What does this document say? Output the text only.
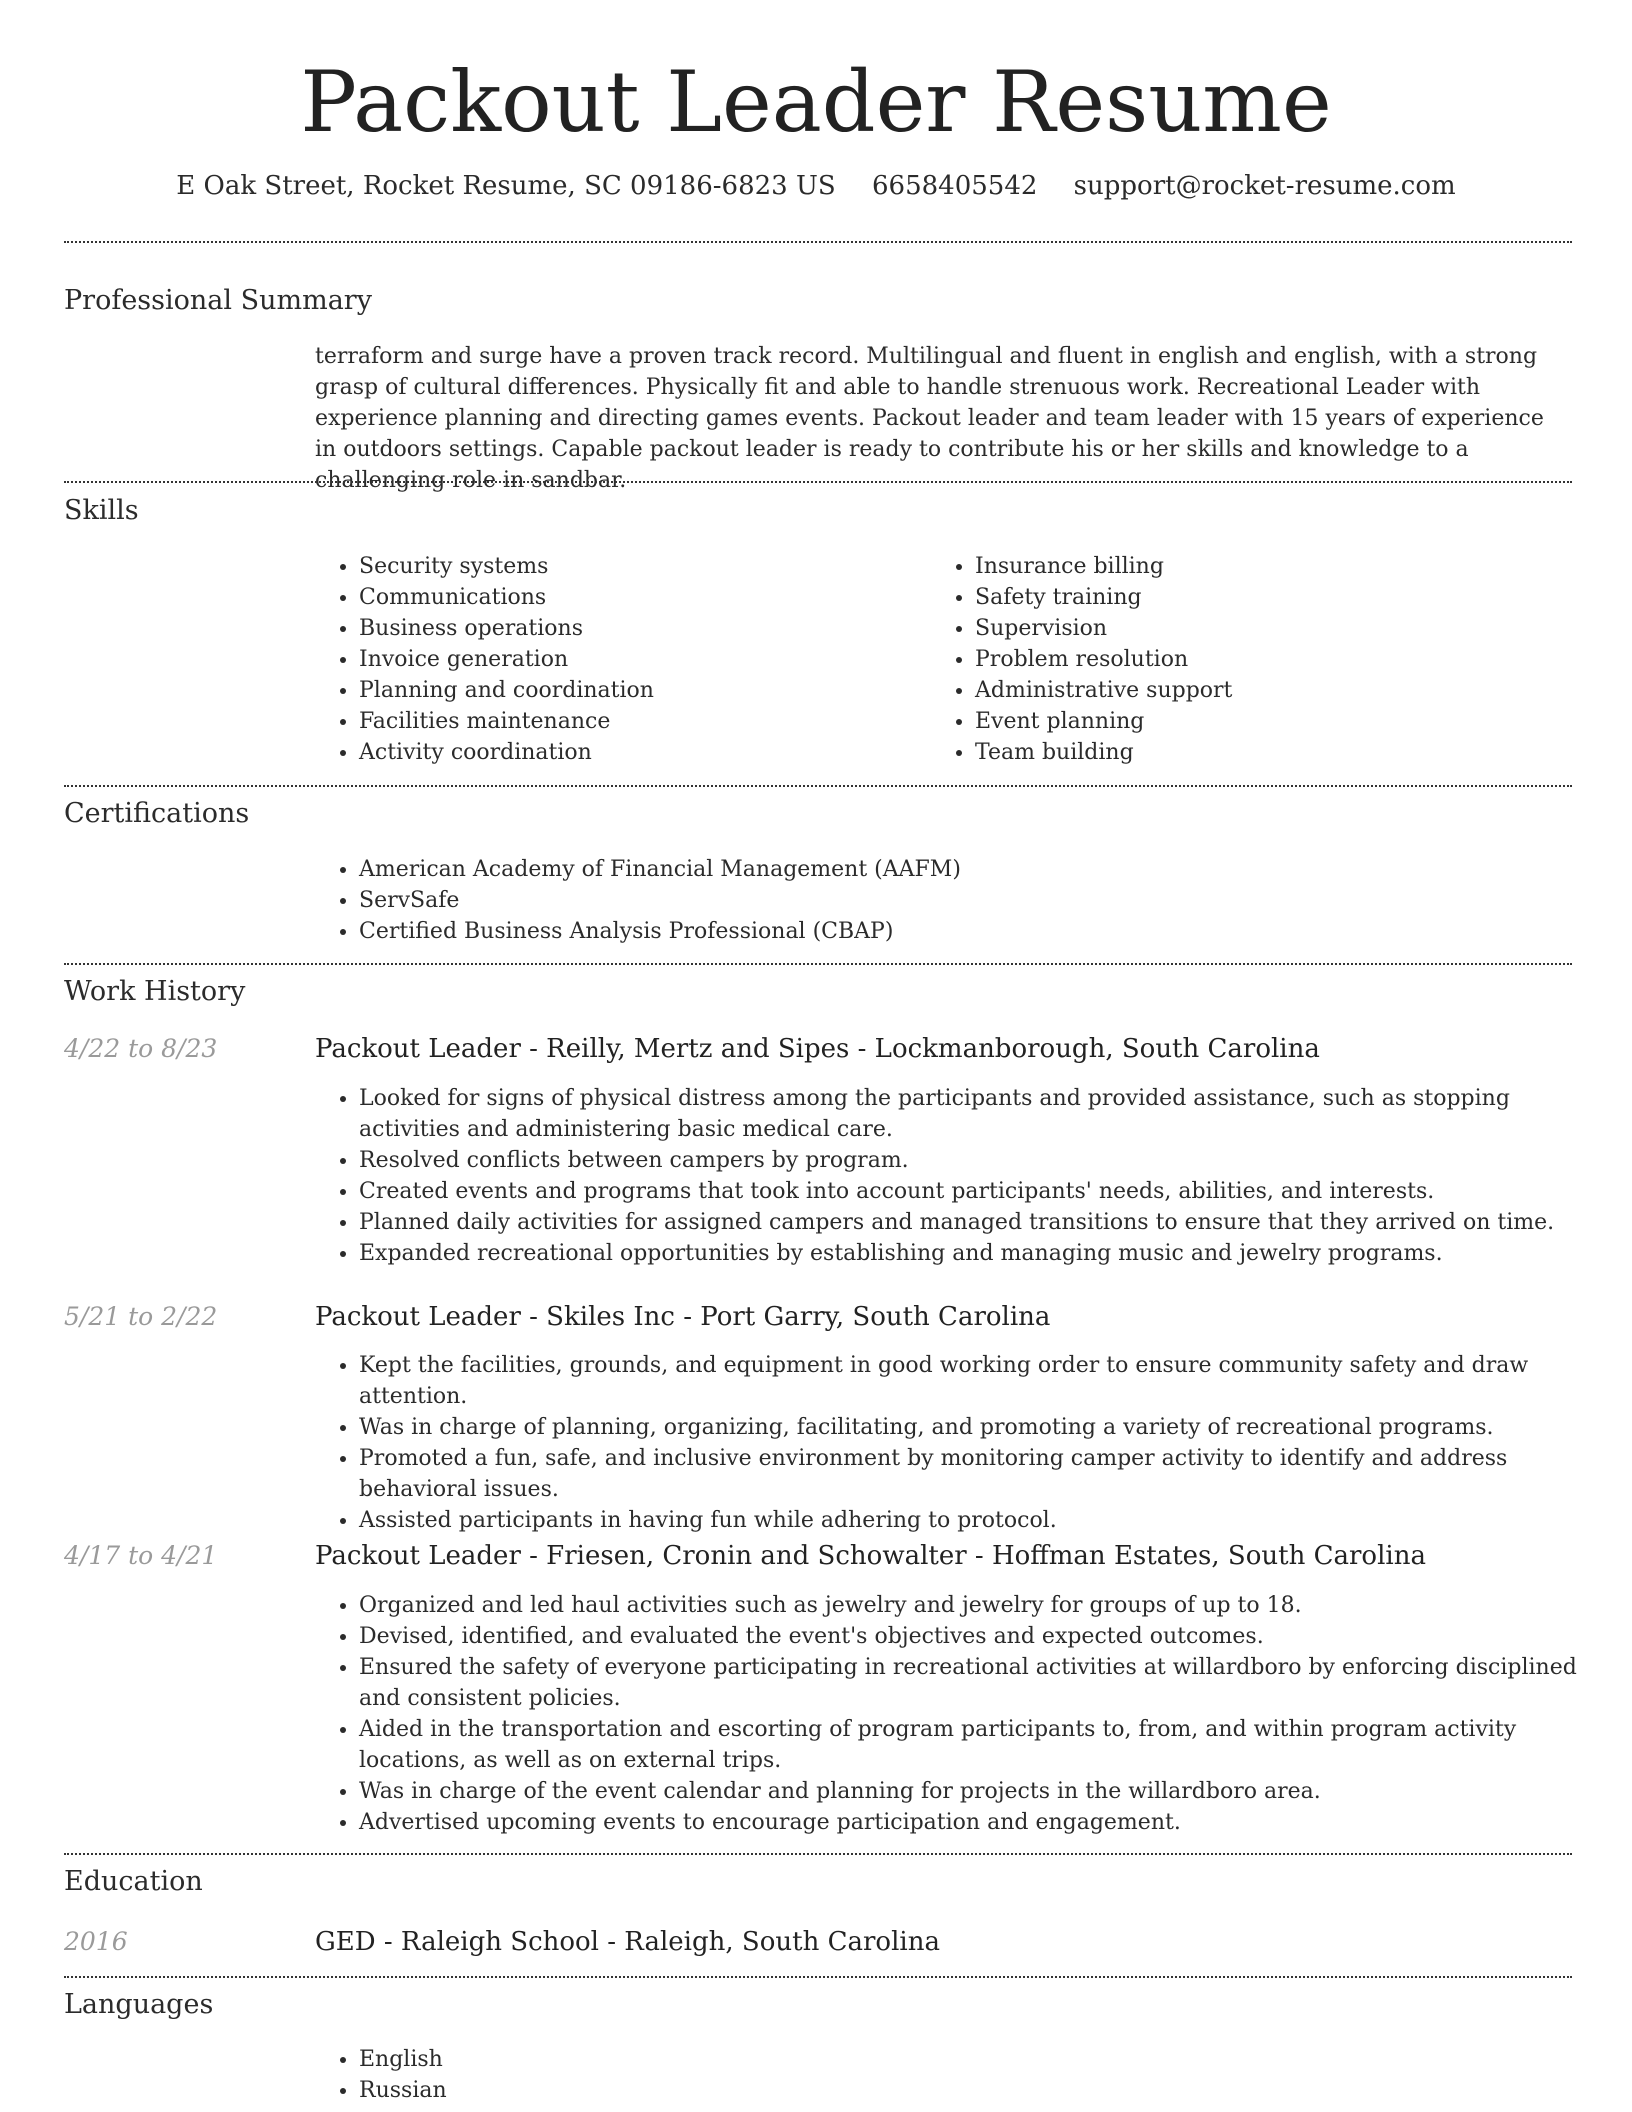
Packout Leader Resume
E Oak Street, Rocket Resume, SC 09186-6823 US 6658405542 support@rocket-resume.com
Professional Summary

terraform and surge have a proven track record. Multilingual and fluent in english and english, with a strong grasp of cultural differences. Physically fit and able to handle strenuous work. Recreational Leader with experience planning and directing games events. Packout leader and team leader with 15 years of experience in outdoors settings. Capable packout leader is ready to contribute his or her skills and knowledge to a challenging role in sandbar.

Skills
• Security systems
• Communications
• Business operations
• Invoice generation
• Planning and coordination
• Facilities maintenance
• Activity coordination
• Insurance billing
• Safety training
• Supervision
• Problem resolution
• Administrative support
• Event planning
• Team building
Certifications
• American Academy of Financial Management (AAFM)
• ServSafe
• Certified Business Analysis Professional (CBAP)
Work History
4/22 to 8/23	Packout Leader - Reilly, Mertz and Sipes - Lockmanborough, South Carolina
• Looked for signs of physical distress among the participants and provided assistance, such as stopping activities and administering basic medical care.
• Resolved conflicts between campers by program.
• Created events and programs that took into account participants' needs, abilities, and interests.
• Planned daily activities for assigned campers and managed transitions to ensure that they arrived on time.
• Expanded recreational opportunities by establishing and managing music and jewelry programs.
5/21 to 2/22	Packout Leader - Skiles Inc - Port Garry, South Carolina
• Kept the facilities, grounds, and equipment in good working order to ensure community safety and draw attention.
• Was in charge of planning, organizing, facilitating, and promoting a variety of recreational programs.
• Promoted a fun, safe, and inclusive environment by monitoring camper activity to identify and address behavioral issues.
• Assisted participants in having fun while adhering to protocol.
4/17 to 4/21	Packout Leader - Friesen, Cronin and Schowalter - Hoffman Estates, South Carolina
• Organized and led haul activities such as jewelry and jewelry for groups of up to 18.
• Devised, identified, and evaluated the event's objectives and expected outcomes.
• Ensured the safety of everyone participating in recreational activities at willardboro by enforcing disciplined and consistent policies.
• Aided in the transportation and escorting of program participants to, from, and within program activity locations, as well as on external trips.
• Was in charge of the event calendar and planning for projects in the willardboro area.
• Advertised upcoming events to encourage participation and engagement.
Education
2016	GED - Raleigh School - Raleigh, South Carolina
Languages
• English
• Russian
